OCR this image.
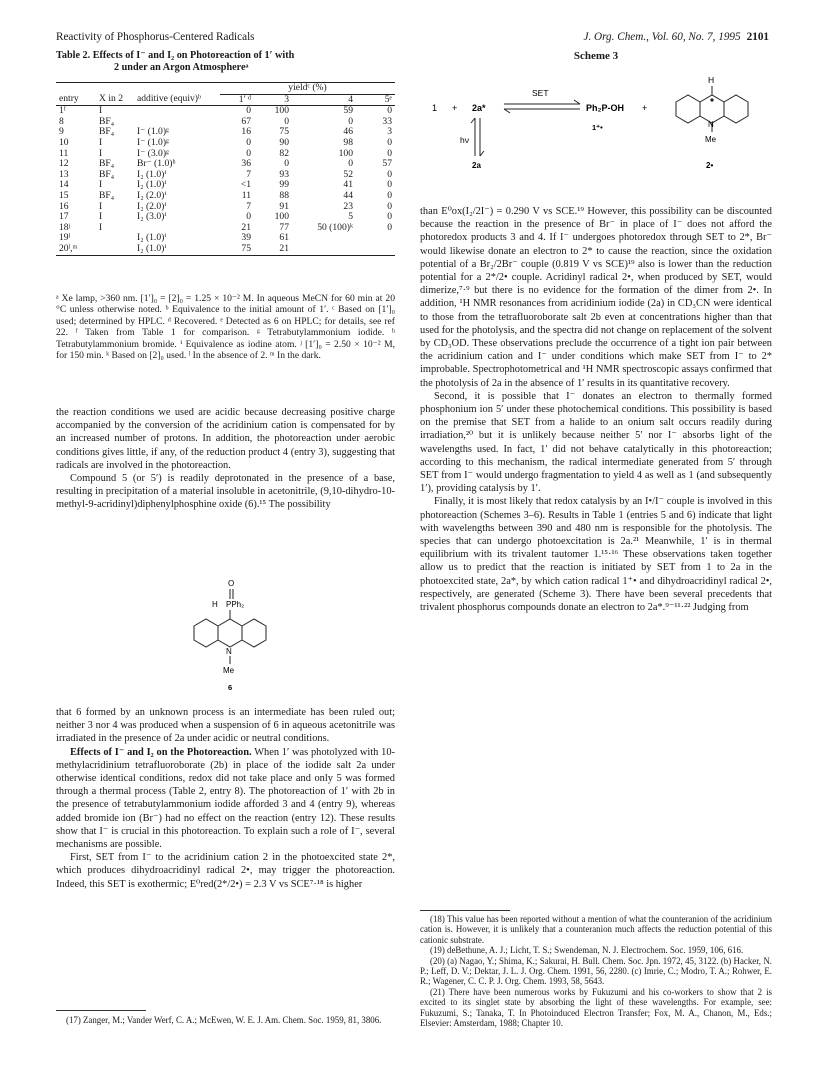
Reactivity of Phosphorus-Centered Radicals	J. Org. Chem., Vol. 60, No. 7, 1995 2101
Table 2. Effects of I⁻ and I₂ on Photoreaction of 1′ with
2 under an Argon Atmosphereᵃ
			yieldᶜ (%)			
entry	X in 2	additive (equiv)ᵇ	1′ ᵈ	3	4	5ᵉ
1ᶠ	I		0	100	59	0
8	BF₄		67	0	0	33
9	BF₄	I⁻ (1.0)ᵍ	16	75	46	3
10	I	I⁻ (1.0)ᵍ	0	90	98	0
11	I	I⁻ (3.0)ᵍ	0	82	100	0
12	BF₄	Br⁻ (1.0)ʰ	36	0	0	57
13	BF₄	I₂ (1.0)ⁱ	7	93	52	0
14	I	I₂ (1.0)ⁱ	<1	99	41	0
15	BF₄	I₂ (2.0)ⁱ	11	88	44	0
16	I	I₂ (2.0)ⁱ	7	91	23	0
17	I	I₂ (3.0)ⁱ	0	100	5	0
18ʲ	I		21	77	50 (100)ᵏ	0
19ˡ		I₂ (1.0)ⁱ	39	61		
20ˡ,ᵐ		I₂ (1.0)ⁱ	75	21		
ᵃ Xe lamp, >360 nm. [1′]₀ = [2]₀ = 1.25 × 10⁻² M. In aqueous MeCN for 60 min at 20 °C unless otherwise noted. ᵇ Equivalence to the initial amount of 1′. ᶜ Based on [1′]₀ used; determined by HPLC. ᵈ Recovered. ᵉ Detected as 6 on HPLC; for details, see ref 22. ᶠ Taken from Table 1 for comparison. ᵍ Tetrabutylammonium iodide. ʰ Tetrabutylammonium bromide. ⁱ Equivalence as iodine atom. ʲ [1′]₀ = 2.50 × 10⁻² M, for 150 min. ᵏ Based on [2]₀ used. ˡ In the absence of 2. ᵐ In the dark.
Scheme 3
1 + 2a*
SET
Ph₂P-OH
1⁺•
+
hν
2a
H
N
Me
2•

the reaction conditions we used are acidic because decreasing positive charge accompanied by the conversion of the acridinium cation is compensated for by an increased number of protons. In addition, the photoreaction under aerobic conditions gives little, if any, of the reduction product 4 (entry 3), suggesting that radicals are involved in the photoreaction.

Compound 5 (or 5′) is readily deprotonated in the presence of a base, resulting in precipitation of a material insoluble in acetonitrile, (9,10-dihydro-10-methyl-9-acridinyl)diphenylphosphine oxide (6).¹⁵ The possibility

O
H PPh₂
N
Me
6

that 6 formed by an unknown process is an intermediate has been ruled out; neither 3 nor 4 was produced when a suspension of 6 in aqueous acetonitrile was irradiated in the presence of 2a under acidic or neutral conditions.

Effects of I⁻ and I₂ on the Photoreaction. When 1′ was photolyzed with 10-methylacridinium tetrafluoroborate (2b) in place of the iodide salt 2a under otherwise identical conditions, redox did not take place and only 5 was formed through a thermal process (Table 2, entry 8). The photoreaction of 1′ with 2b in the presence of tetrabutylammonium iodide afforded 3 and 4 (entry 9), whereas added bromide ion (Br⁻) had no effect on the reaction (entry 12). These results show that I⁻ is crucial in this photoreaction. To explain such a role of I⁻, several mechanisms are possible.

First, SET from I⁻ to the acridinium cation 2 in the photoexcited state 2*, which produces dihydroacridinyl radical 2•, may trigger the photoreaction. Indeed, this SET is exothermic; E⁰red(2*/2•) = 2.3 V vs SCE⁷·¹⁸ is higher

(17) Zanger, M.; Vander Werf, C. A.; McEwen, W. E. J. Am. Chem. Soc. 1959, 81, 3806.

than E⁰ox(I₂/2I⁻) = 0.290 V vs SCE.¹⁹ However, this possibility can be discounted because the reaction in the presence of Br⁻ in place of I⁻ does not afford the photoredox products 3 and 4. If I⁻ undergoes photoredox through SET to 2*, Br⁻ would likewise donate an electron to 2* to cause the reaction, since the oxidation potential of a Br₂/2Br⁻ couple (0.819 V vs SCE)¹⁹ also is lower than the reduction potential for a 2*/2• couple. Acridinyl radical 2•, when produced by SET, would dimerize,⁷·⁹ but there is no evidence for the formation of the dimer from 2•. In addition, ¹H NMR resonances from acridinium iodide (2a) in CD₃CN were identical to those from the tetrafluoroborate salt 2b even at concentrations higher than that used for the photolysis, and the spectra did not change on replacement of the solvent by CD₃OD. These observations preclude the occurrence of a tight ion pair between the acridinium cation and I⁻ under conditions which make SET from I⁻ to 2* improbable. Spectrophotometrical and ¹H NMR spectroscopic assays confirmed that the photolysis of 2a in the absence of 1′ results in its quantitative recovery.

Second, it is possible that I⁻ donates an electron to thermally formed phosphonium ion 5′ under these photochemical conditions. This possibility is based on the premise that SET from a halide to an onium salt occurs readily during irradiation,²⁰ but it is unlikely because neither 5′ nor I⁻ absorbs light of the wavelengths used. In fact, 1′ did not behave catalytically in this photoreaction; according to this mechanism, the radical intermediate generated from 5′ through SET from I⁻ would undergo fragmentation to yield 4 as well as 1 (and subsequently 1′), providing catalysis by 1′.

Finally, it is most likely that redox catalysis by an I•/I⁻ couple is involved in this photoreaction (Schemes 3–6). Results in Table 1 (entries 5 and 6) indicate that light with wavelengths between 390 and 480 nm is responsible for the photolysis. The species that can undergo photoexcitation is 2a.²¹ Meanwhile, 1′ is in thermal equilibrium with its trivalent tautomer 1.¹⁵·¹⁶ These observations taken together allow us to predict that the reaction is initiated by SET from 1 to 2a in the photoexcited state, 2a*, by which cation radical 1⁺• and dihydroacridinyl radical 2•, respectively, are generated (Scheme 3). There have been several precedents that trivalent phosphorus compounds donate an electron to 2a*.⁹⁻¹¹·²² Judging from

(18) This value has been reported without a mention of what the counteranion of the acridinium cation is. However, it is unlikely that a counteranion much affects the reduction potential of this cationic substrate.

(19) deBethune, A. J.; Licht, T. S.; Swendeman, N. J. Electrochem. Soc. 1959, 106, 616.

(20) (a) Nagao, Y.; Shima, K.; Sakurai, H. Bull. Chem. Soc. Jpn. 1972, 45, 3122. (b) Hacker, N. P.; Leff, D. V.; Dektar, J. L. J. Org. Chem. 1991, 56, 2280. (c) Imrie, C.; Modro, T. A.; Rohwer, E. R.; Wagener, C. C. P. J. Org. Chem. 1993, 58, 5643.

(21) There have been numerous works by Fukuzumi and his co-workers to show that 2 is excited to its singlet state by absorbing the light of these wavelengths. For example, see: Fukuzumi, S.; Tanaka, T. In Photoinduced Electron Transfer; Fox, M. A., Chanon, M., Eds.; Elsevier: Amsterdam, 1988; Chapter 10.
